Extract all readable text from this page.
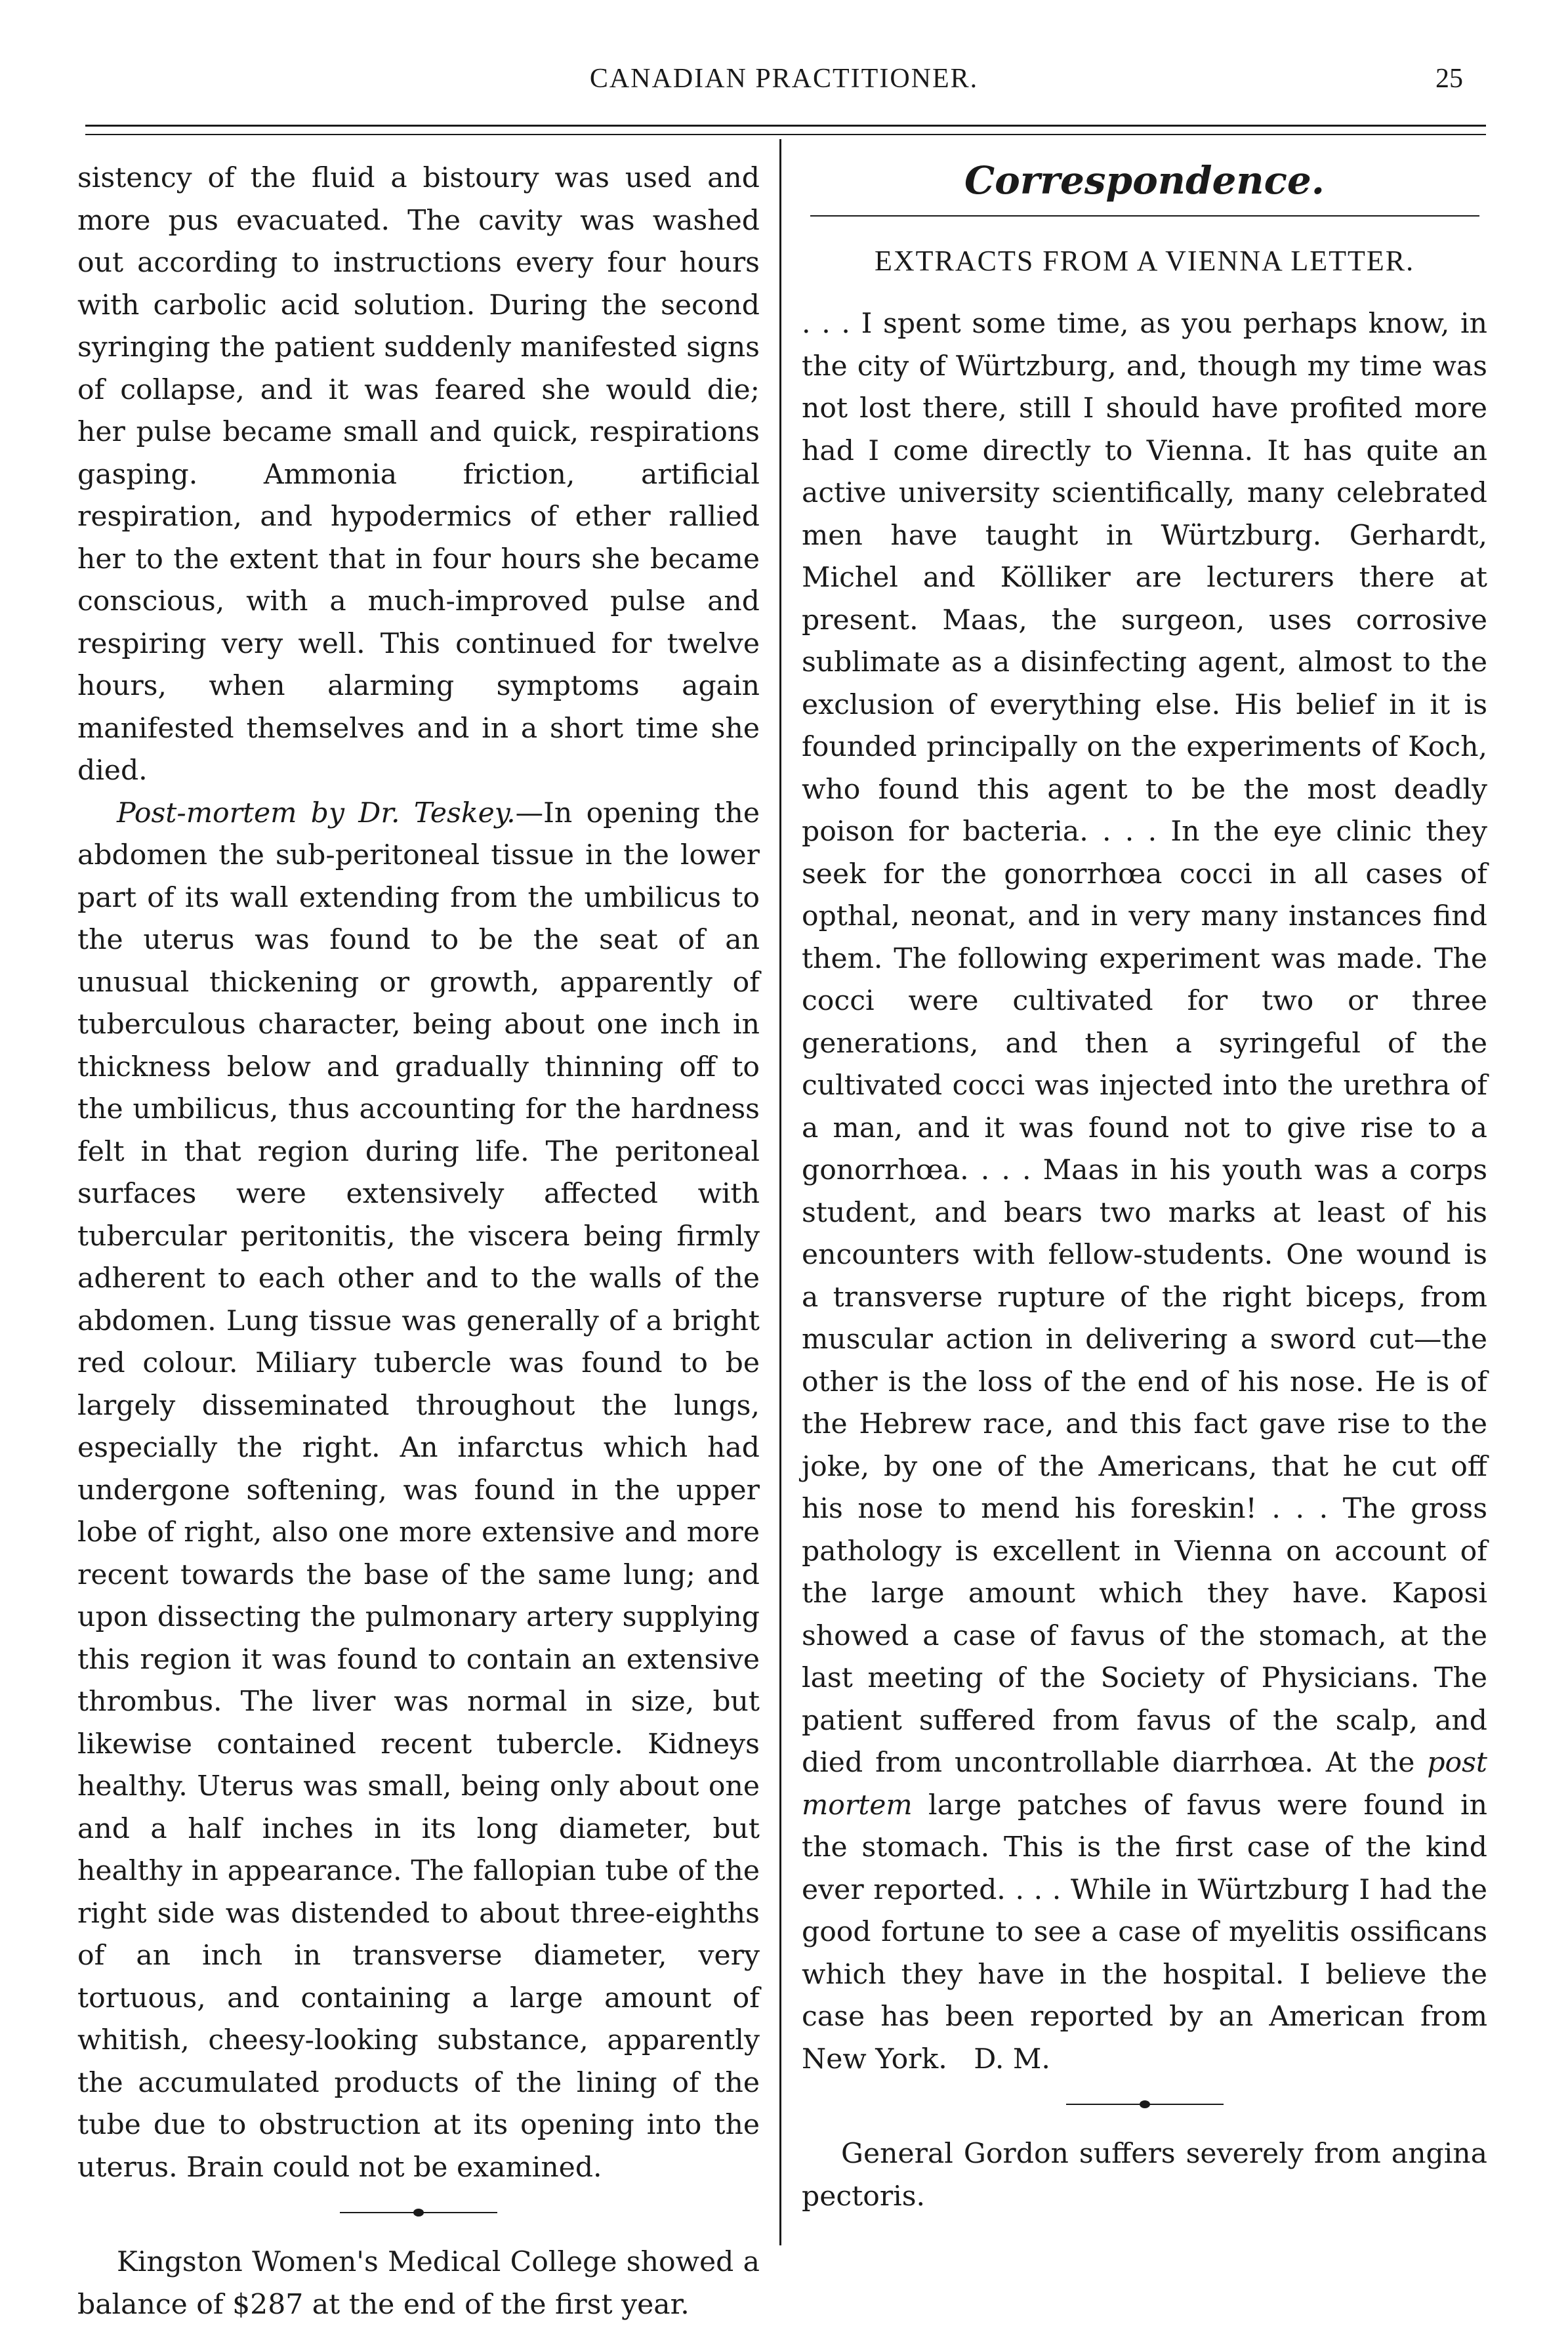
CANADIAN PRACTITIONER.	25

sistency of the fluid a bistoury was used and more pus evacuated. The cavity was washed out according to instructions every four hours with carbolic acid solution. During the second syringing the patient suddenly manifested signs of collapse, and it was feared she would die; her pulse became small and quick, respirations gasping. Ammonia friction, artificial respiration, and hypodermics of ether rallied her to the extent that in four hours she became conscious, with a much-improved pulse and respiring very well. This continued for twelve hours, when alarming symptoms again manifested themselves and in a short time she died.

Post-mortem by Dr. Teskey.—In opening the abdomen the sub-peritoneal tissue in the lower part of its wall extending from the umbilicus to the uterus was found to be the seat of an unusual thickening or growth, apparently of tuberculous character, being about one inch in thickness below and gradually thinning off to the umbilicus, thus accounting for the hardness felt in that region during life. The peritoneal surfaces were extensively affected with tubercular peritonitis, the viscera being firmly adherent to each other and to the walls of the abdomen. Lung tissue was generally of a bright red colour. Miliary tubercle was found to be largely disseminated throughout the lungs, especially the right. An infarctus which had undergone softening, was found in the upper lobe of right, also one more extensive and more recent towards the base of the same lung; and upon dissecting the pulmonary artery supplying this region it was found to contain an extensive thrombus. The liver was normal in size, but likewise contained recent tubercle. Kidneys healthy. Uterus was small, being only about one and a half inches in its long diameter, but healthy in appearance. The fallopian tube of the right side was distended to about three-eighths of an inch in transverse diameter, very tortuous, and containing a large amount of whitish, cheesy-looking substance, apparently the accumulated products of the lining of the tube due to obstruction at its opening into the uterus. Brain could not be examined.

Kingston Women's Medical College showed a balance of $287 at the end of the first year.

Correspondence.
EXTRACTS FROM A VIENNA LETTER.

. . . I spent some time, as you perhaps know, in the city of Würtzburg, and, though my time was not lost there, still I should have profited more had I come directly to Vienna. It has quite an active university scientifically, many celebrated men have taught in Würtzburg. Gerhardt, Michel and Kölliker are lecturers there at present. Maas, the surgeon, uses corrosive sublimate as a disinfecting agent, almost to the exclusion of everything else. His belief in it is founded principally on the experiments of Koch, who found this agent to be the most deadly poison for bacteria. . . . In the eye clinic they seek for the gonorrhœa cocci in all cases of opthal, neonat, and in very many instances find them. The following experiment was made. The cocci were cultivated for two or three generations, and then a syringeful of the cultivated cocci was injected into the urethra of a man, and it was found not to give rise to a gonorrhœa. . . . Maas in his youth was a corps student, and bears two marks at least of his encounters with fellow-students. One wound is a transverse rupture of the right biceps, from muscular action in delivering a sword cut—the other is the loss of the end of his nose. He is of the Hebrew race, and this fact gave rise to the joke, by one of the Americans, that he cut off his nose to mend his foreskin! . . . The gross pathology is excellent in Vienna on account of the large amount which they have. Kaposi showed a case of favus of the stomach, at the last meeting of the Society of Physicians. The patient suffered from favus of the scalp, and died from uncontrollable diarrhœa. At the post mortem large patches of favus were found in the stomach. This is the first case of the kind ever reported. . . . While in Würtzburg I had the good fortune to see a case of myelitis ossificans which they have in the hospital. I believe the case has been reported by an American from New York. D. M.

General Gordon suffers severely from angina pectoris.
